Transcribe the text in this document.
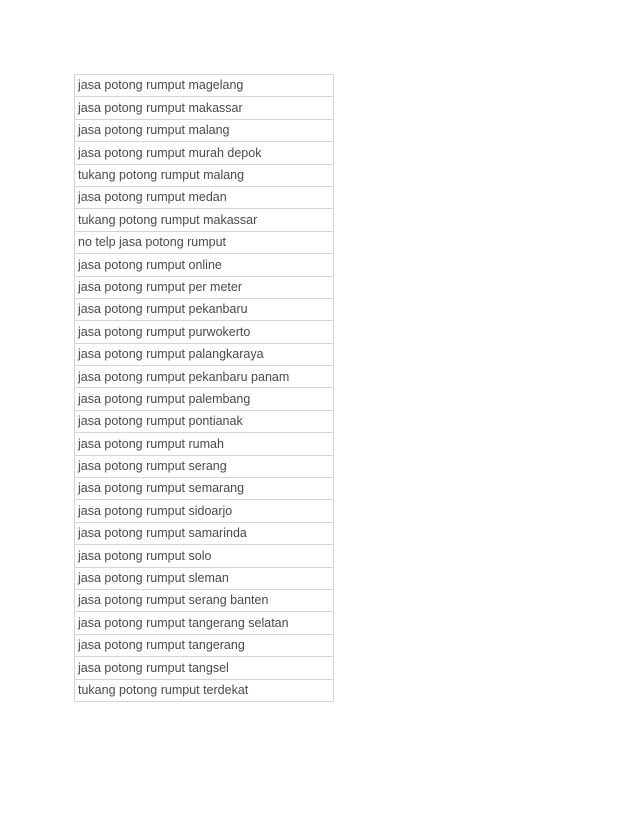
jasa potong rumput magelang
jasa potong rumput makassar
jasa potong rumput malang
jasa potong rumput murah depok
tukang potong rumput malang
jasa potong rumput medan
tukang potong rumput makassar
no telp jasa potong rumput
jasa potong rumput online
jasa potong rumput per meter
jasa potong rumput pekanbaru
jasa potong rumput purwokerto
jasa potong rumput palangkaraya
jasa potong rumput pekanbaru panam
jasa potong rumput palembang
jasa potong rumput pontianak
jasa potong rumput rumah
jasa potong rumput serang
jasa potong rumput semarang
jasa potong rumput sidoarjo
jasa potong rumput samarinda
jasa potong rumput solo
jasa potong rumput sleman
jasa potong rumput serang banten
jasa potong rumput tangerang selatan
jasa potong rumput tangerang
jasa potong rumput tangsel
tukang potong rumput terdekat
